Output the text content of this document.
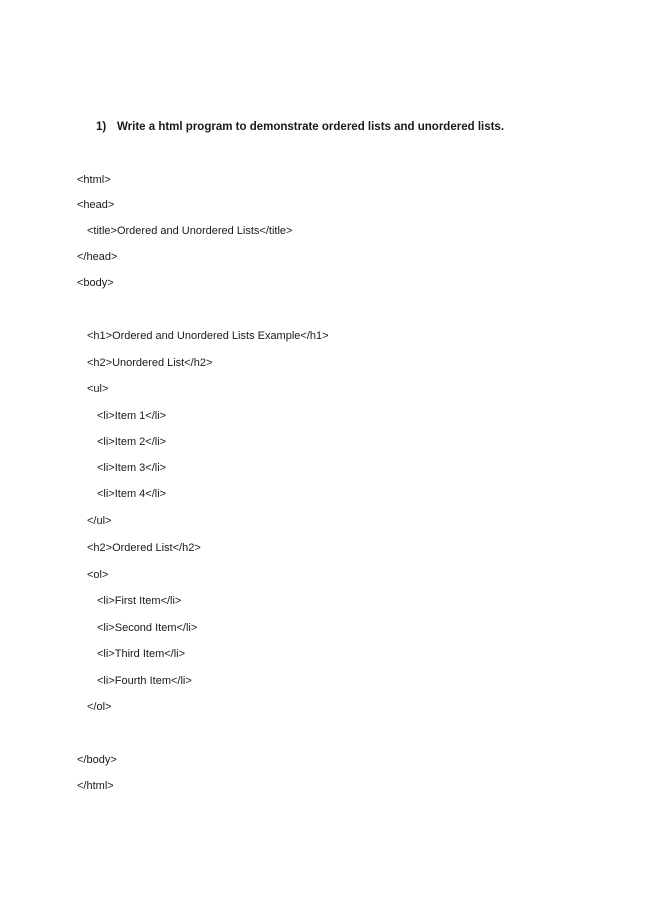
1) Write a html program to demonstrate ordered lists and unordered lists.
<html>
<head>
<title>Ordered and Unordered Lists</title>
</head>
<body>
<h1>Ordered and Unordered Lists Example</h1>
<h2>Unordered List</h2>
<ul>
<li>Item 1</li>
<li>Item 2</li>
<li>Item 3</li>
<li>Item 4</li>
</ul>
<h2>Ordered List</h2>
<ol>
<li>First Item</li>
<li>Second Item</li>
<li>Third Item</li>
<li>Fourth Item</li>
</ol>
</body>
</html>
